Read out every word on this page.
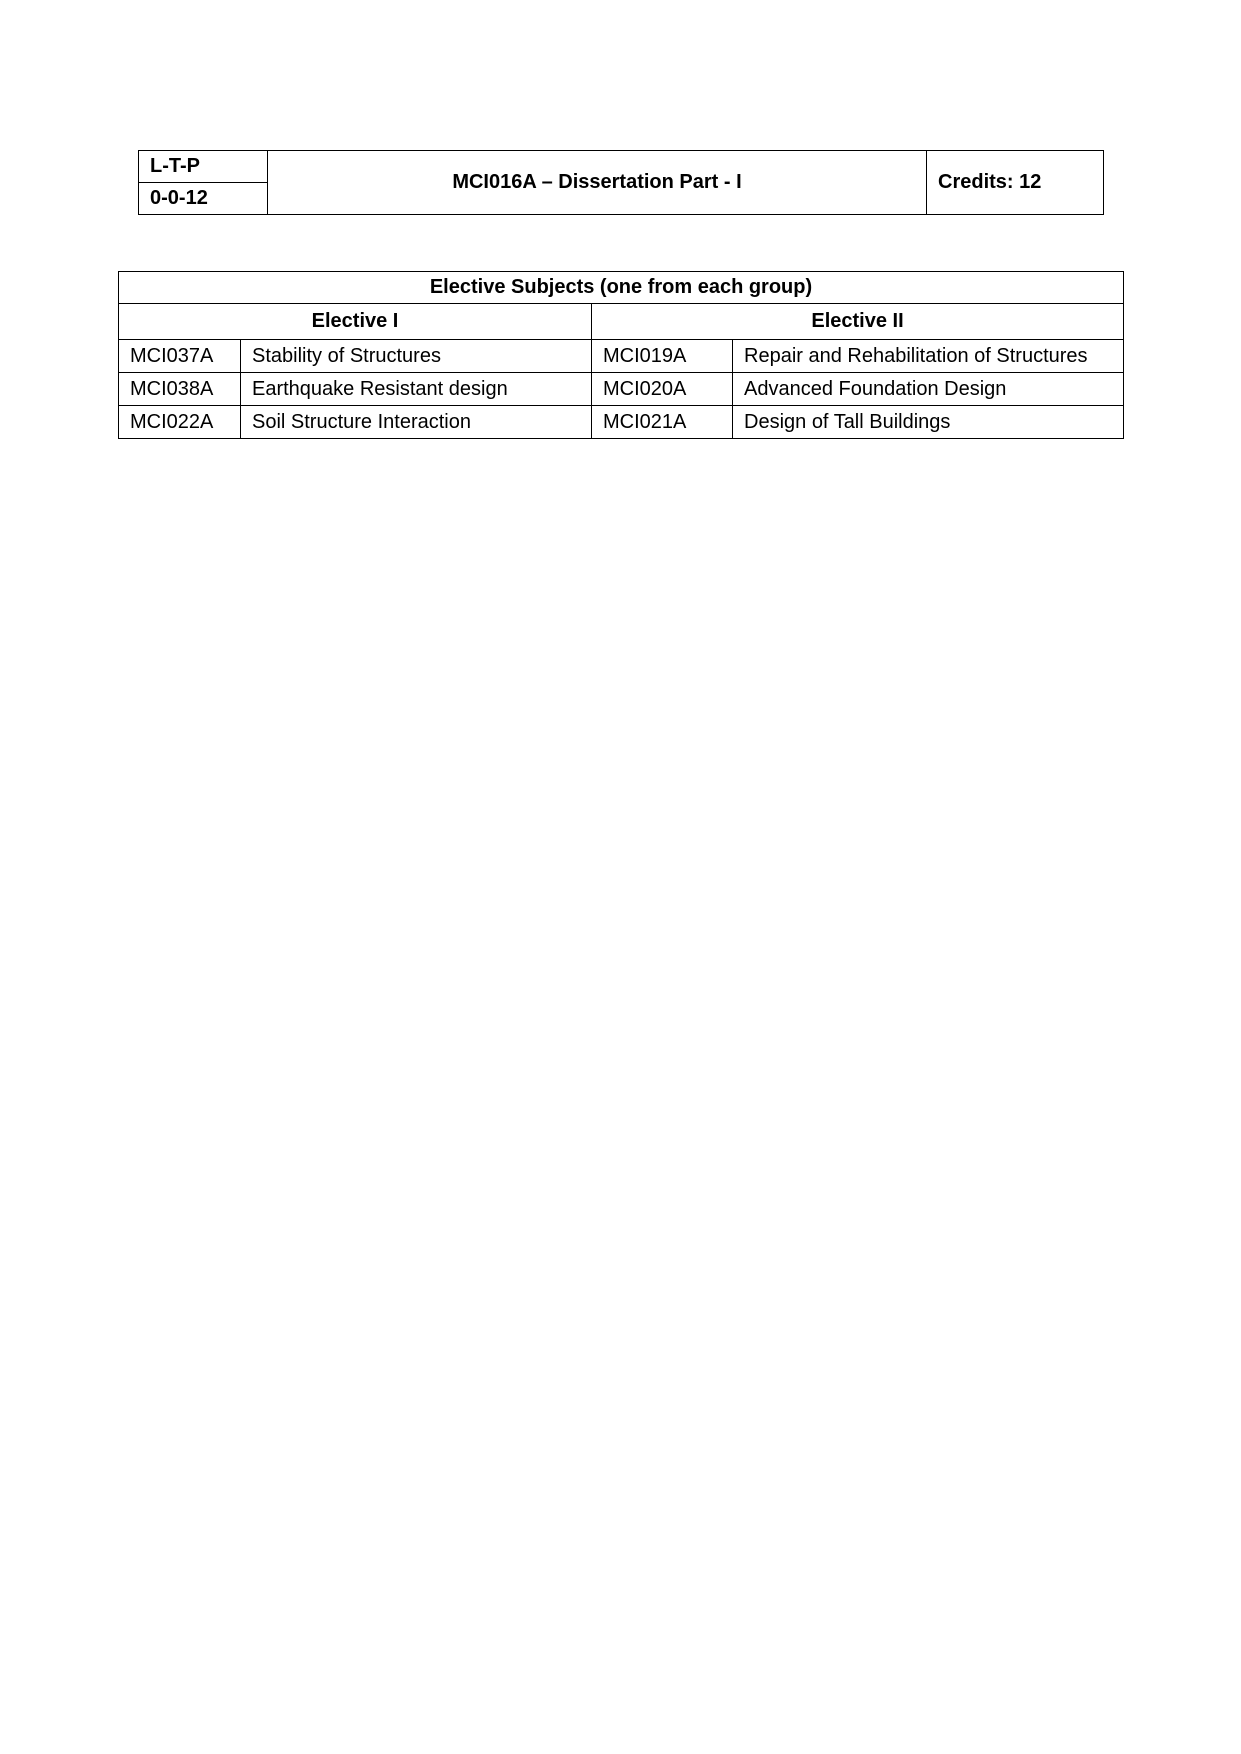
L-T-P	MCI016A – Dissertation Part - I	Credits: 12
0-0-12
Elective Subjects (one from each group)			
Elective I		Elective II	
MCI037A	Stability of Structures	MCI019A	Repair and Rehabilitation of Structures
MCI038A	Earthquake Resistant design	MCI020A	Advanced Foundation Design
MCI022A	Soil Structure Interaction	MCI021A	Design of Tall Buildings
